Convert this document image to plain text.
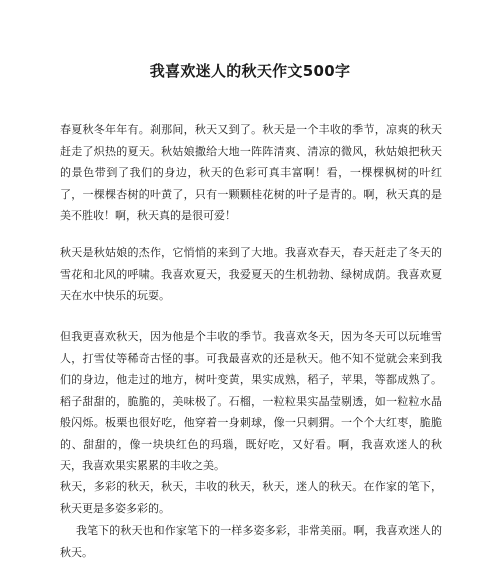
我喜欢迷人的秋天作文500字

春夏秋冬年年有。刹那间，秋天又到了。秋天是一个丰收的季节，凉爽的秋天赶走了炽热的夏天。秋姑娘撒给大地一阵阵清爽、清凉的微风，秋姑娘把秋天的景色带到了我们的身边，秋天的色彩可真丰富啊！看，一棵棵枫树的叶红了，一棵棵杏树的叶黄了，只有一颗颗桂花树的叶子是青的。啊，秋天真的是美不胜收！啊，秋天真的是很可爱！

秋天是秋姑娘的杰作，它悄悄的来到了大地。我喜欢春天，春天赶走了冬天的雪花和北风的呼啸。我喜欢夏天，我爱夏天的生机勃勃、绿树成荫。我喜欢夏天在水中快乐的玩耍。

但我更喜欢秋天，因为他是个丰收的季节。我喜欢冬天，因为冬天可以玩堆雪人，打雪仗等稀奇古怪的事。可我最喜欢的还是秋天。他不知不觉就会来到我们的身边，他走过的地方，树叶变黄，果实成熟，稻子，苹果，等都成熟了。稻子甜甜的，脆脆的，美味极了。石榴，一粒粒果实晶莹剔透，如一粒粒水晶般闪烁。板栗也很好吃，他穿着一身刺球，像一只刺猬。一个个大红枣，脆脆的、甜甜的，像一块块红色的玛瑙，既好吃，又好看。啊，我喜欢迷人的秋天，我喜欢果实累累的丰收之美。

秋天，多彩的秋天，秋天，丰收的秋天，秋天，迷人的秋天。在作家的笔下，秋天更是多姿多彩的。

我笔下的秋天也和作家笔下的一样多姿多彩，非常美丽。啊，我喜欢迷人的秋天。
